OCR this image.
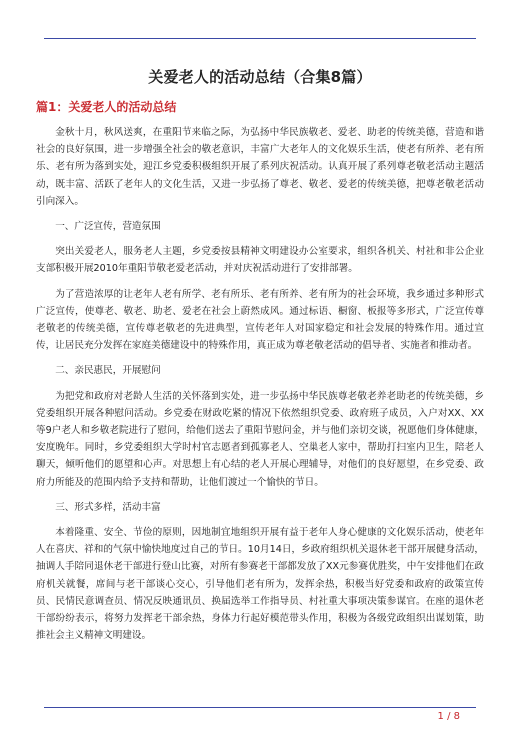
关爱老人的活动总结（合集8篇）
篇1：关爱老人的活动总结

金秋十月，秋风送爽，在重阳节来临之际，为弘扬中华民族敬老、爱老、助老的传统美德，营造和谐社会的良好氛围，进一步增强全社会的敬老意识，丰富广大老年人的文化娱乐生活，使老有所养、老有所乐、老有所为落到实处，迎江乡党委积极组织开展了系列庆祝活动。认真开展了系列尊老敬老活动主题活动，既丰富、活跃了老年人的文化生活，又进一步弘扬了尊老、敬老、爱老的传统美德，把尊老敬老活动引向深入。

一、广泛宣传，营造氛围

突出关爱老人，服务老人主题，乡党委按县精神文明建设办公室要求，组织各机关、村社和非公企业支部积极开展2010年重阳节敬老爱老活动，并对庆祝活动进行了安排部署。

为了营造浓厚的让老年人老有所学、老有所乐、老有所养、老有所为的社会环境，我乡通过多种形式广泛宣传，使尊老、敬老、助老、爱老在社会上蔚然成风。通过标语、橱窗、板报等多形式，广泛宣传尊老敬老的传统美德，宣传尊老敬老的先进典型，宣传老年人对国家稳定和社会发展的特殊作用。通过宣传，让居民充分发挥在家庭美德建设中的特殊作用，真正成为尊老敬老活动的倡导者、实施者和推动者。

二、亲民惠民，开展慰问

为把党和政府对老龄人生活的关怀落到实处，进一步弘扬中华民族尊老敬老养老助老的传统美德，乡党委组织开展各种慰问活动。乡党委在财政吃紧的情况下依然组织党委、政府班子成员，入户对XX、XX等9户老人和乡敬老院进行了慰问，给他们送去了重阳节慰问金，并与他们亲切交谈，祝愿他们身体健康，安度晚年。同时，乡党委组织大学时村官志愿者到孤寡老人、空巢老人家中，帮助打扫室内卫生，陪老人聊天，倾听他们的愿望和心声。对思想上有心结的老人开展心理辅导，对他们的良好愿望，在乡党委、政府力所能及的范围内给予支持和帮助，让他们渡过一个愉快的节日。

三、形式多样，活动丰富

本着隆重、安全、节俭的原则，因地制宜地组织开展有益于老年人身心健康的文化娱乐活动，使老年人在喜庆、祥和的气氛中愉快地度过自己的节日。10月14日，乡政府组织机关退休老干部开展健身活动，抽调人手陪同退休老干部进行登山比赛，对所有参赛老干部都发放了XX元参赛优胜奖，中午安排他们在政府机关就餐，席间与老干部谈心交心，引导他们老有所为，发挥余热，积极当好党委和政府的政策宣传员、民情民意调查员、情况反映通讯员、换届选举工作指导员、村社重大事项决策参谋官。在座的退休老干部纷纷表示，将努力发挥老干部余热，身体力行起好模范带头作用，积极为各级党政组织出谋划策，助推社会主义精神文明建设。

1 / 8
